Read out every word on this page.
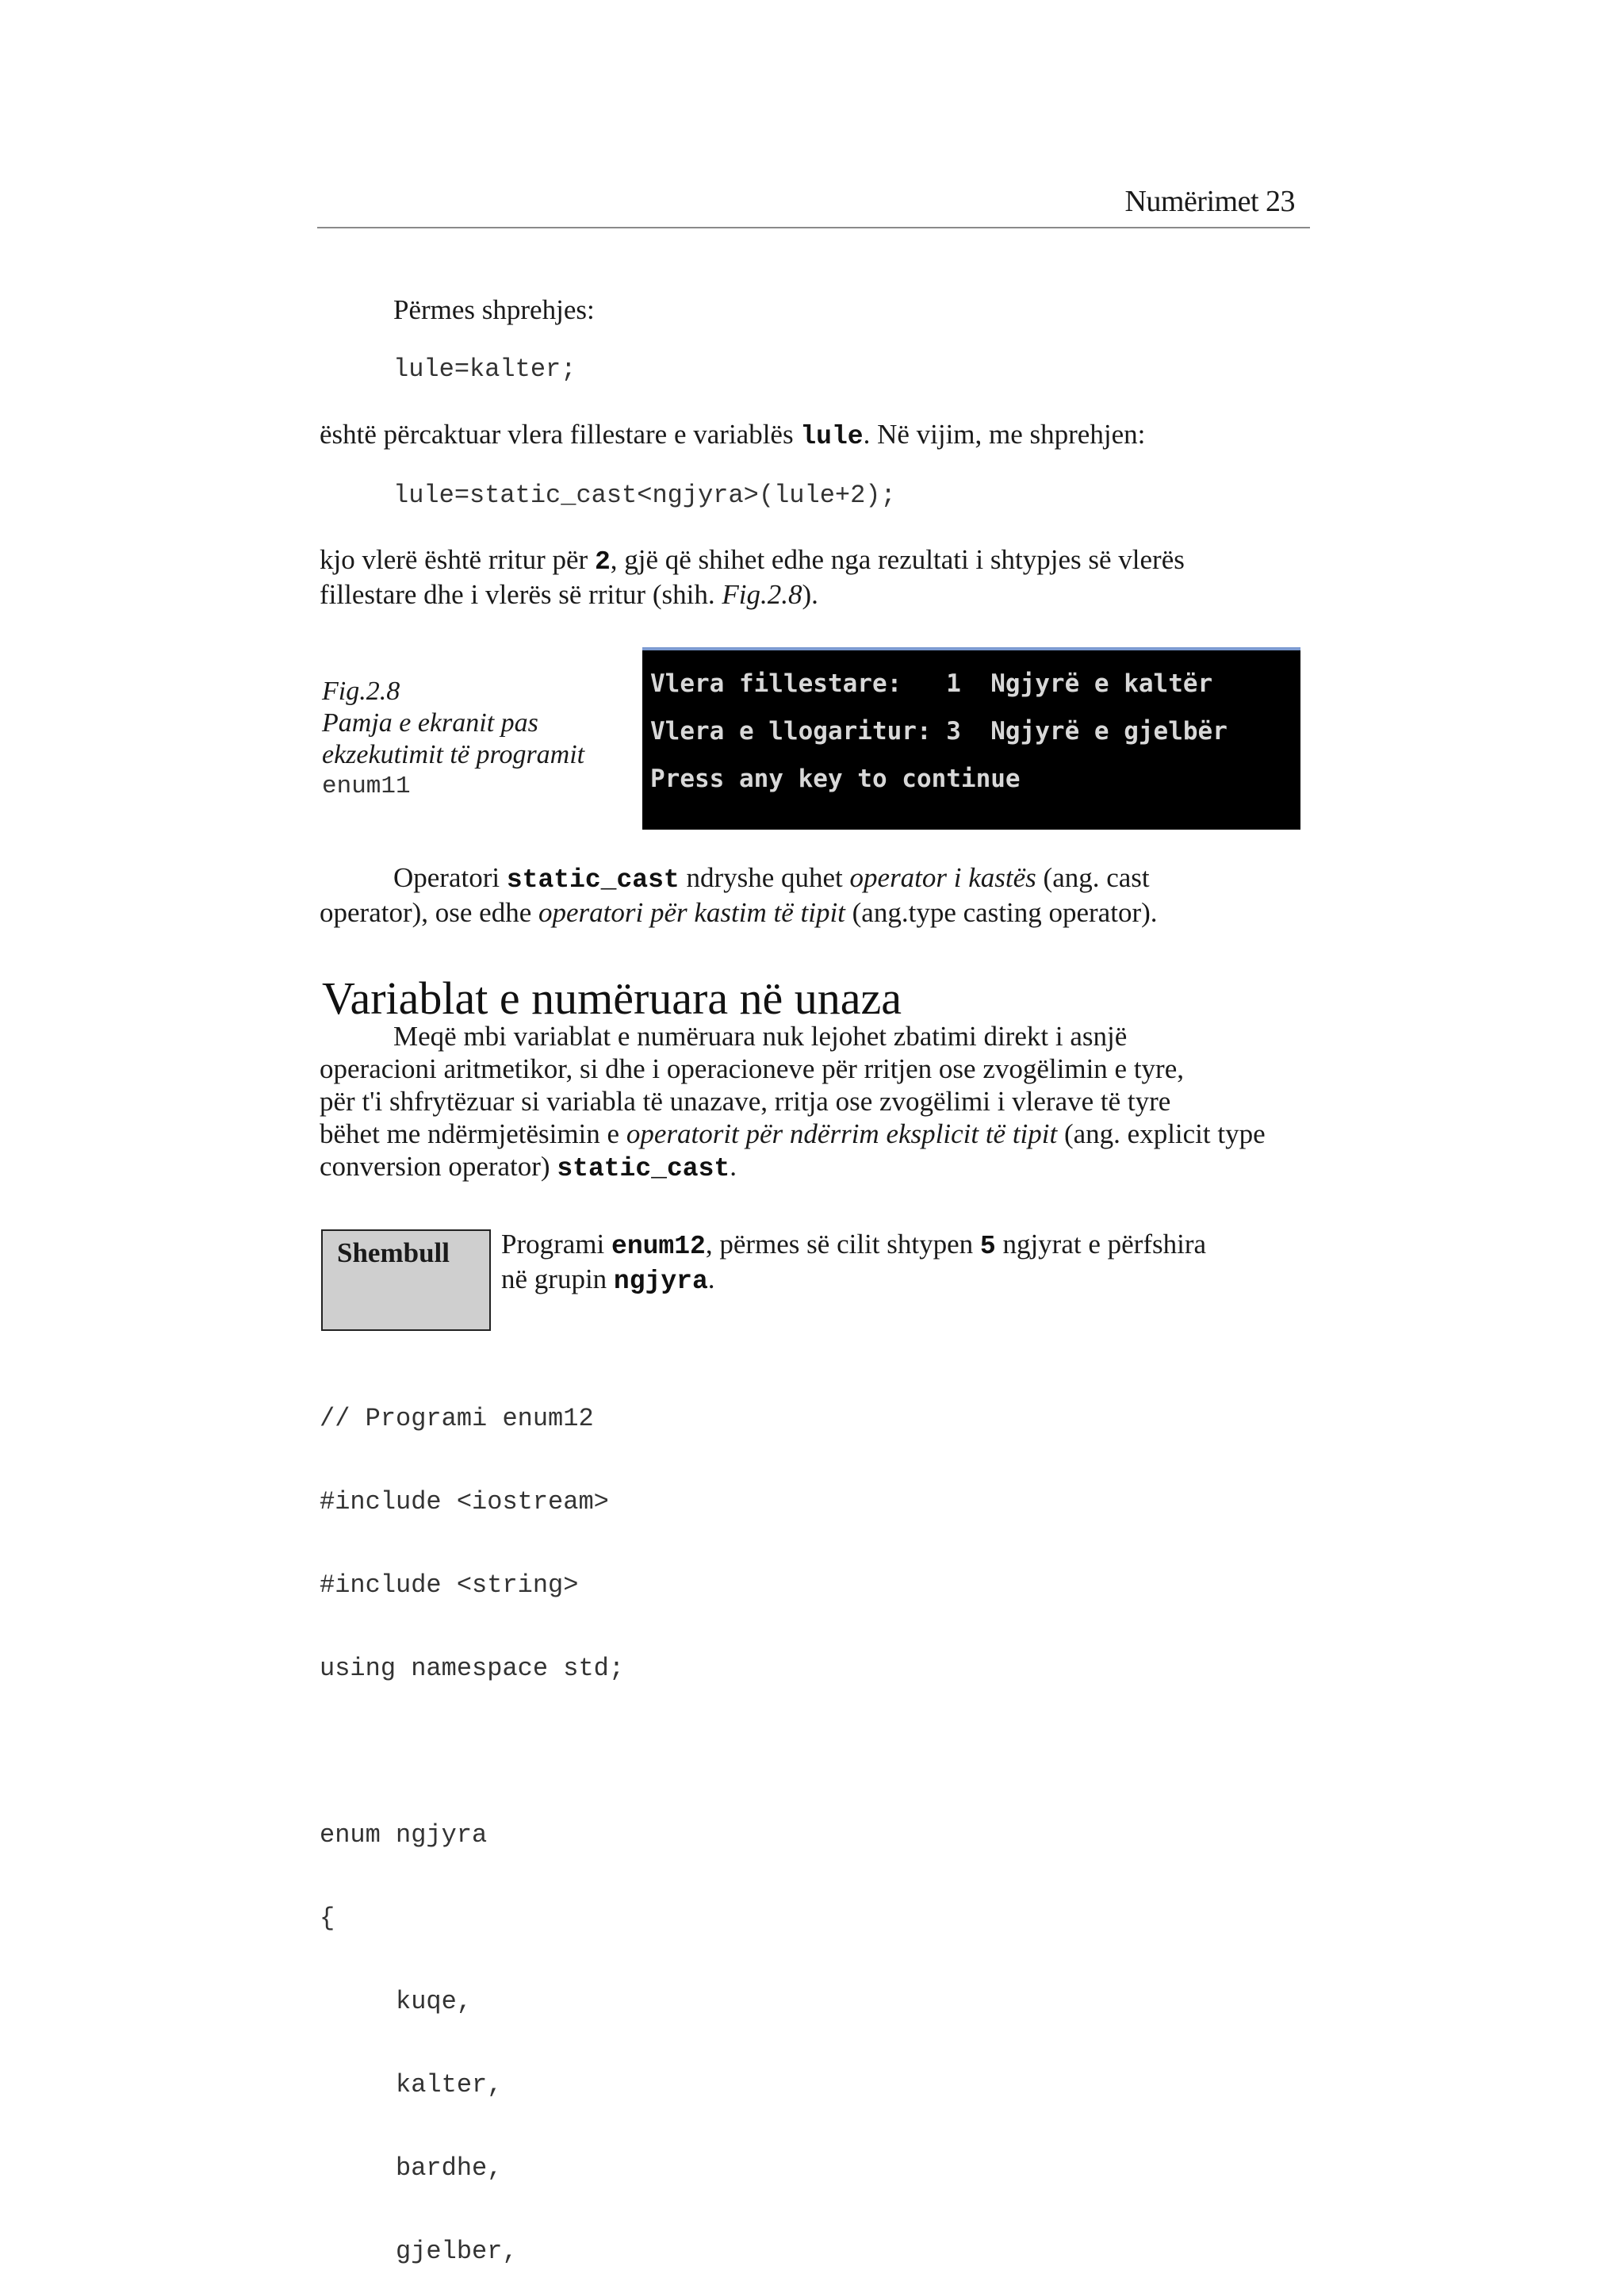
Numërimet 23
Përmes shprehjes:
lule=kalter;
është përcaktuar vlera fillestare e variablës lule. Në vijim, me shprehjen:
lule=static_cast<ngjyra>(lule+2);
kjo vlerë është rritur për 2, gjë që shihet edhe nga rezultati i shtypjes së vlerës
fillestare dhe i vlerës së rritur (shih. Fig.2.8).
Fig.2.8
Pamja e ekranit pas
ekzekutimit të programit
enum11
Vlera fillestare:   1  Ngjyrë e kaltër
Vlera e llogaritur: 3  Ngjyrë e gjelbër
Press any key to continue
Operatori static_cast ndryshe quhet operator i kastës (ang. cast
operator), ose edhe operatori për kastim të tipit (ang.type casting operator).
Variablat e numëruara në unaza
Meqë mbi variablat e numëruara nuk lejohet zbatimi direkt i asnjë
operacioni aritmetikor, si dhe i operacioneve për rritjen ose zvogëlimin e tyre,
për t'i shfrytëzuar si variabla të unazave, rritja ose zvogëlimi i vlerave të tyre
bëhet me ndërmjetësimin e operatorit për ndërrim eksplicit të tipit (ang. explicit type
conversion operator) static_cast.
Shembull Programi enum12, përmes së cilit shtypen 5 ngjyrat e përfshira
në grupin ngjyra.

// Programi enum12

#include <iostream>

#include <string>

using namespace std;

enum ngjyra

{

kuqe,

kalter,

bardhe,

gjelber,
